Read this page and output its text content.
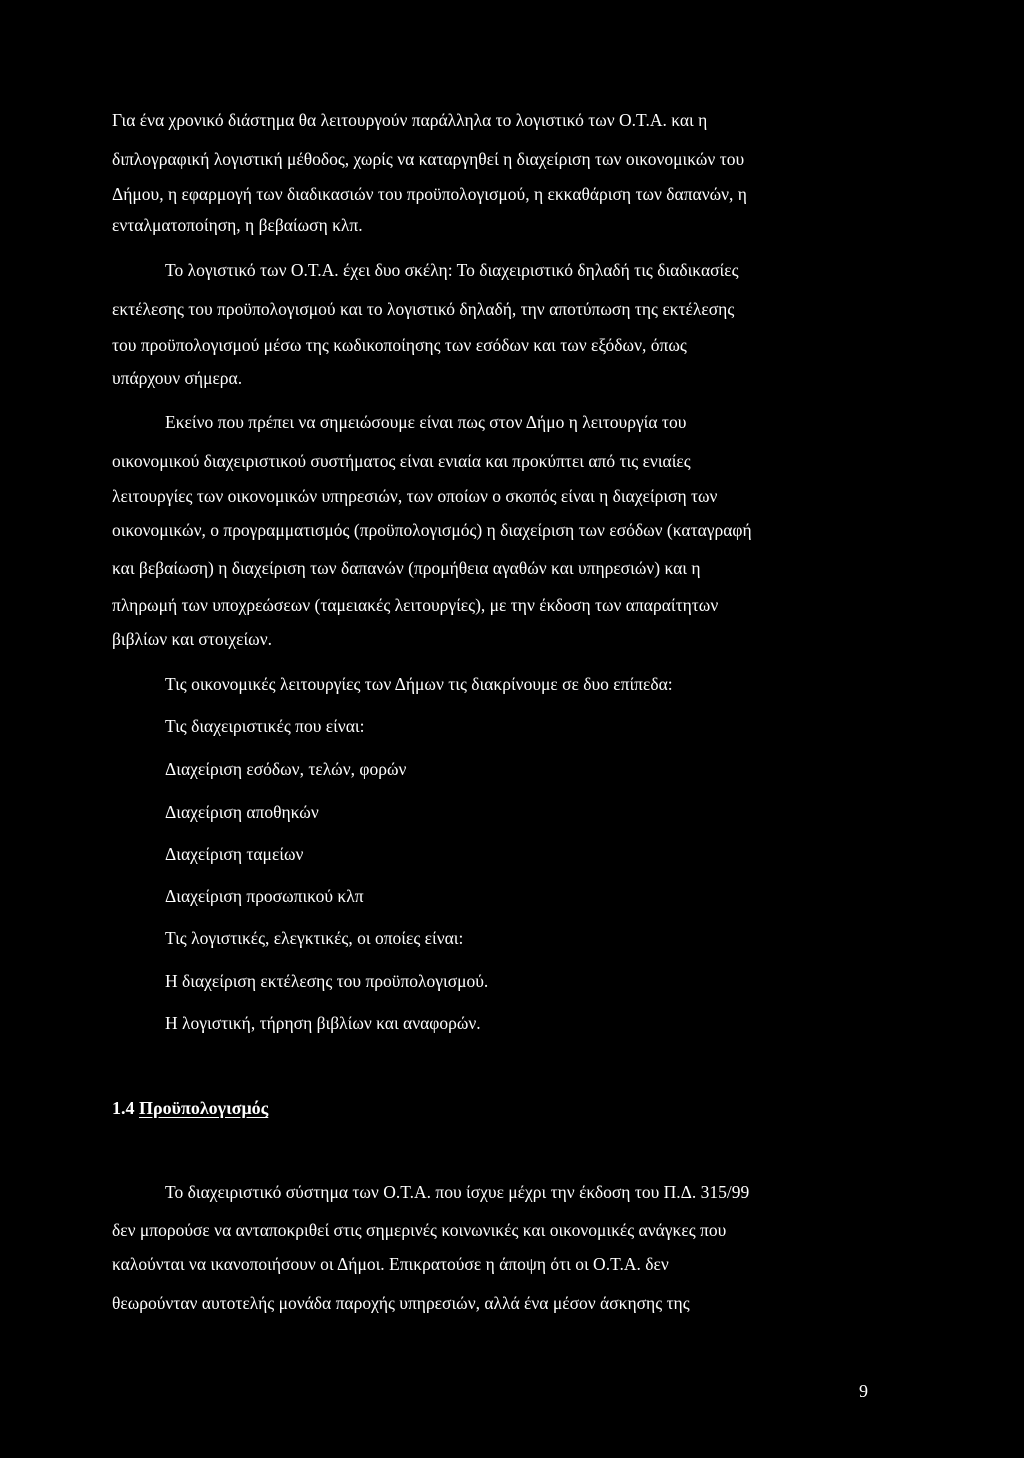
Για ένα χρονικό διάστημα θα λειτουργούν παράλληλα το λογιστικό των Ο.Τ.Α. και η
διπλογραφική λογιστική μέθοδος, χωρίς να καταργηθεί η διαχείριση των οικονομικών του
Δήμου, η εφαρμογή των διαδικασιών του προϋπολογισμού, η εκκαθάριση των δαπανών, η
ενταλματοποίηση, η βεβαίωση κλπ.
Το λογιστικό των Ο.Τ.Α. έχει δυο σκέλη: Το διαχειριστικό δηλαδή τις διαδικασίες
εκτέλεσης του προϋπολογισμού και το λογιστικό δηλαδή, την αποτύπωση της εκτέλεσης
του προϋπολογισμού μέσω της κωδικοποίησης των εσόδων και των εξόδων, όπως
υπάρχουν σήμερα.
Εκείνο που πρέπει να σημειώσουμε είναι πως στον Δήμο η λειτουργία του
οικονομικού διαχειριστικού συστήματος είναι ενιαία και προκύπτει από τις ενιαίες
λειτουργίες των οικονομικών υπηρεσιών, των οποίων ο σκοπός είναι η διαχείριση των
οικονομικών, ο προγραμματισμός (προϋπολογισμός) η διαχείριση των εσόδων (καταγραφή
και βεβαίωση) η διαχείριση των δαπανών (προμήθεια αγαθών και υπηρεσιών) και η
πληρωμή των υποχρεώσεων (ταμειακές λειτουργίες), με την έκδοση των απαραίτητων
βιβλίων και στοιχείων.
Τις οικονομικές λειτουργίες των Δήμων τις διακρίνουμε σε δυο επίπεδα:
Τις διαχειριστικές που είναι:
Διαχείριση εσόδων, τελών, φορών
Διαχείριση αποθηκών
Διαχείριση ταμείων
Διαχείριση προσωπικού κλπ
Τις λογιστικές, ελεγκτικές, οι οποίες είναι:
Η διαχείριση εκτέλεσης του προϋπολογισμού.
Η λογιστική, τήρηση βιβλίων και αναφορών.
1.4 Προϋπολογισμός
Το διαχειριστικό σύστημα των Ο.Τ.Α. που ίσχυε μέχρι την έκδοση του Π.Δ. 315/99
δεν μπορούσε να ανταποκριθεί στις σημερινές κοινωνικές και οικονομικές ανάγκες που
καλούνται να ικανοποιήσουν οι Δήμοι. Επικρατούσε η άποψη ότι οι Ο.Τ.Α. δεν
θεωρούνταν αυτοτελής μονάδα παροχής υπηρεσιών, αλλά ένα μέσον άσκησης της
9
